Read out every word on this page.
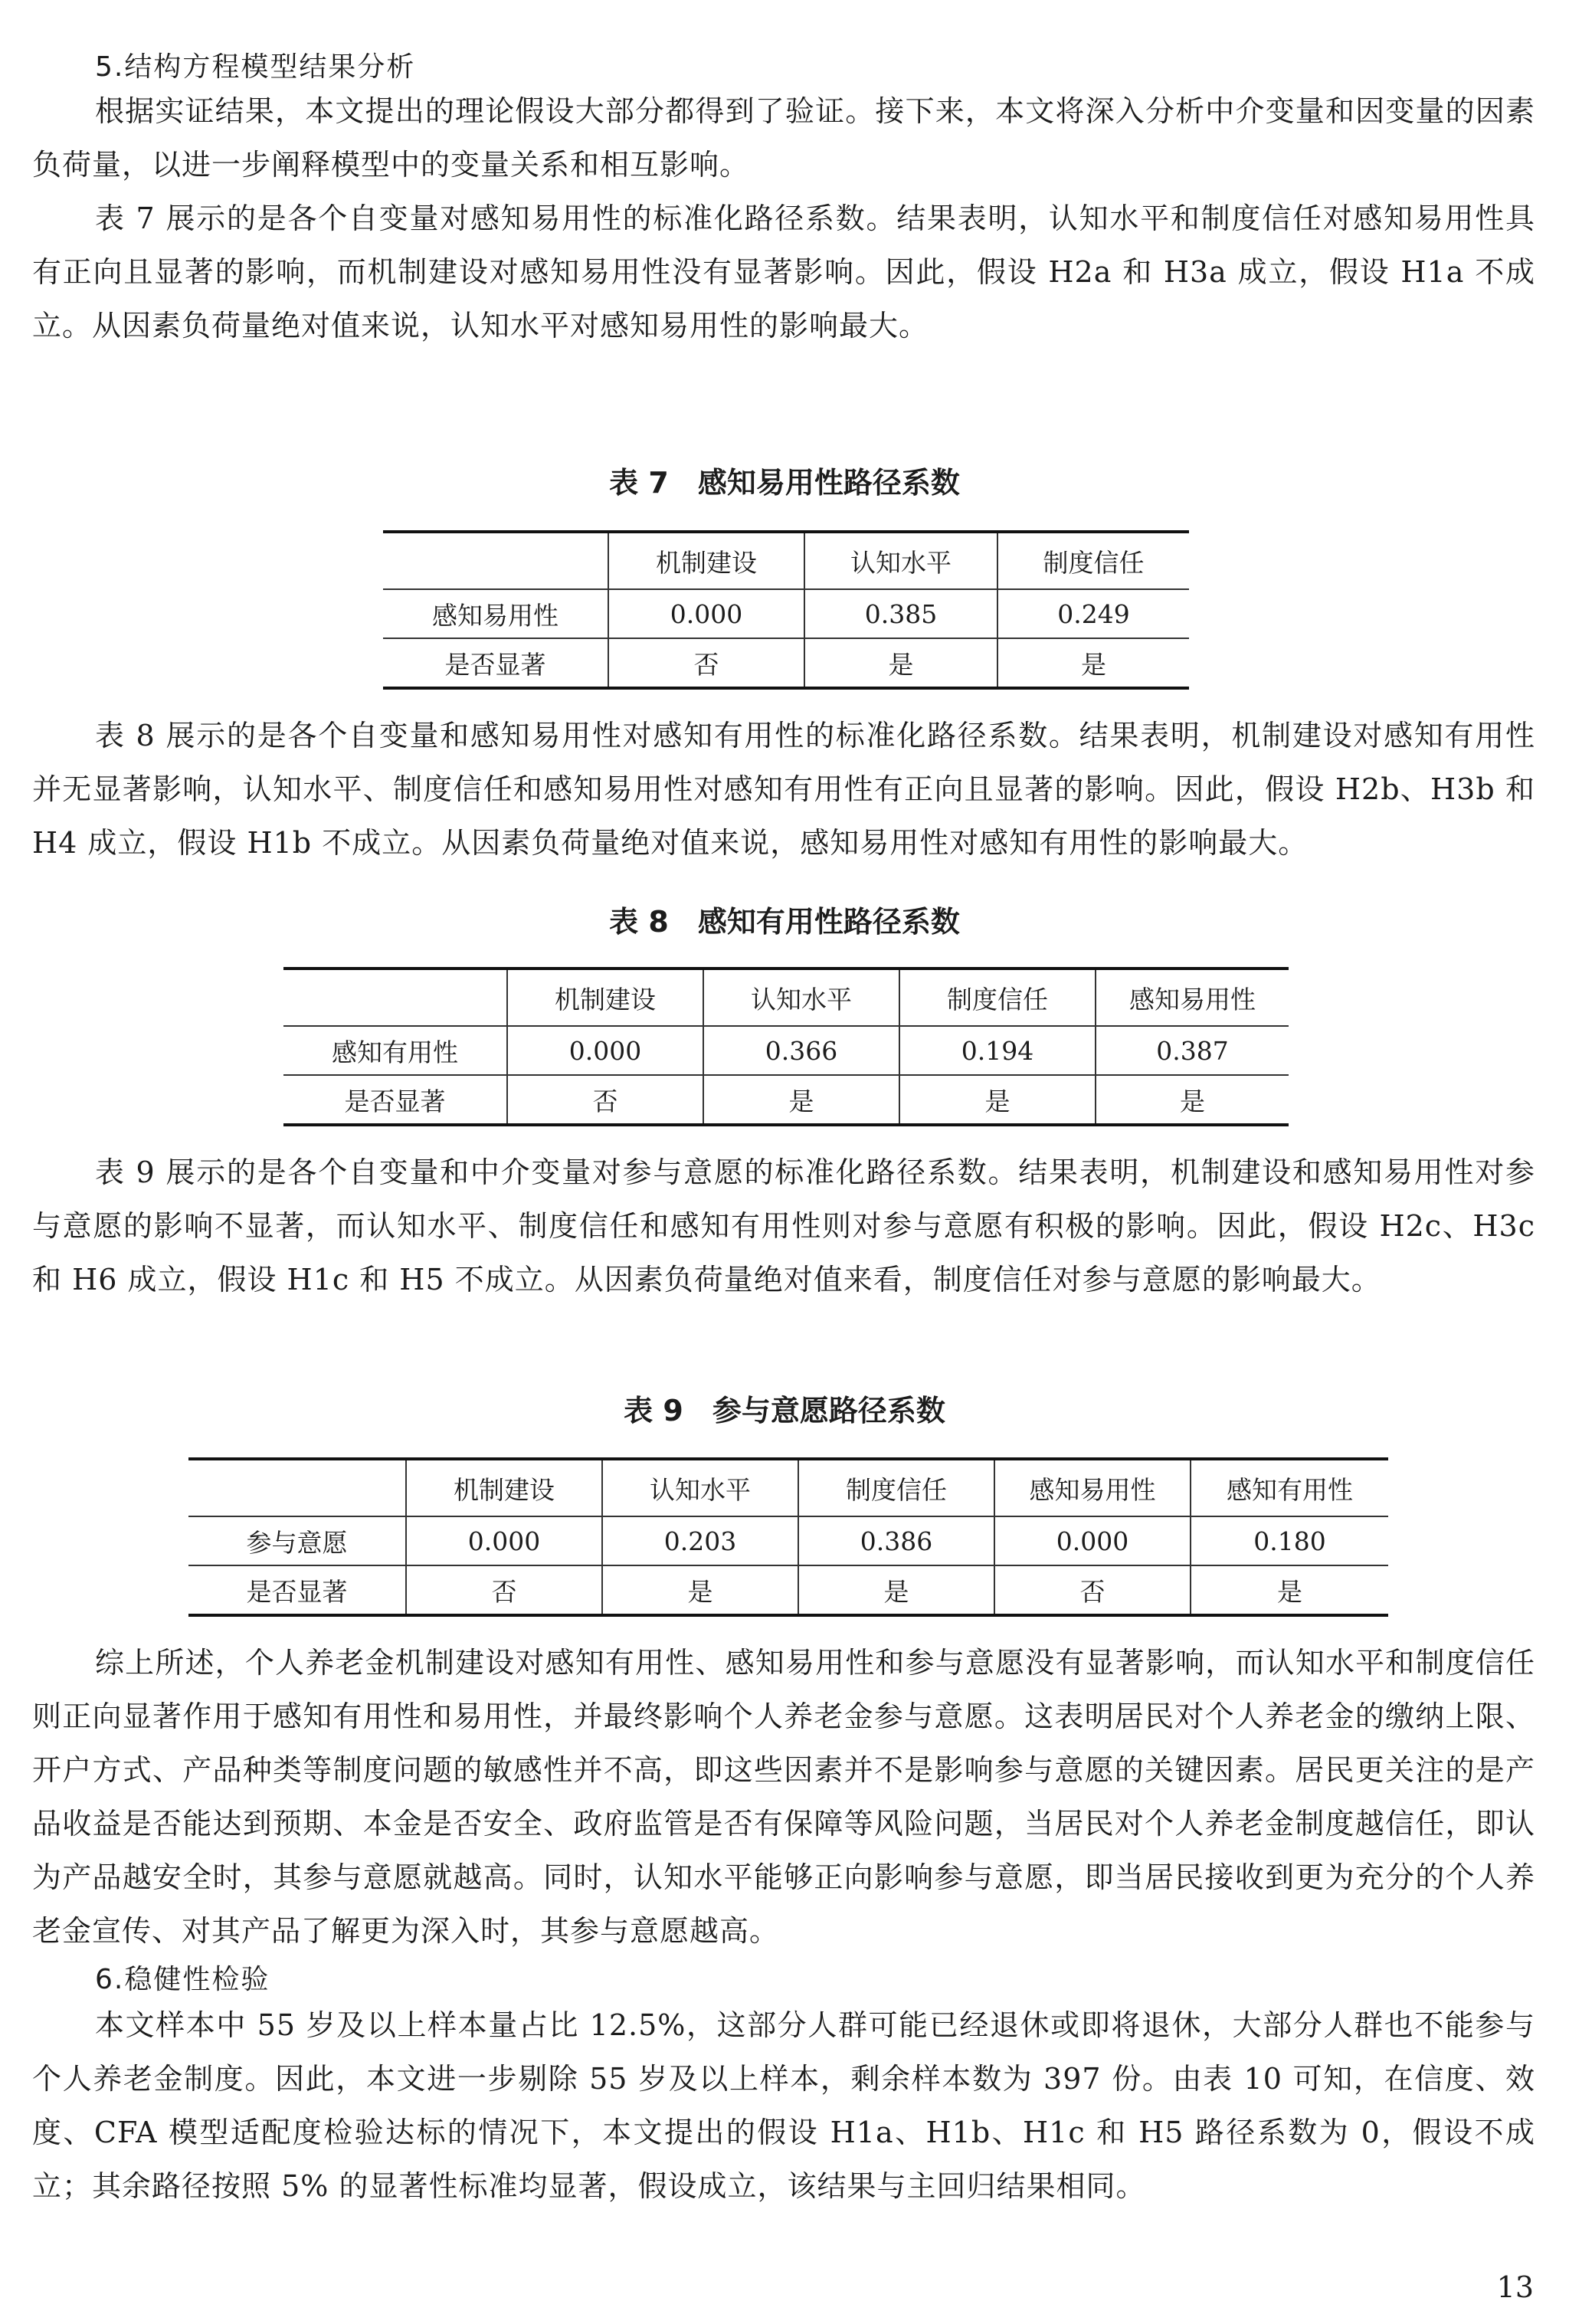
5.结构方程模型结果分析

根据实证结果，本文提出的理论假设大部分都得到了验证。接下来，本文将深入分析中介变量和因变量的因素负荷量，以进一步阐释模型中的变量关系和相互影响。

表 7 展示的是各个自变量对感知易用性的标准化路径系数。结果表明，认知水平和制度信任对感知易用性具有正向且显著的影响，而机制建设对感知易用性没有显著影响。因此，假设 H2a 和 H3a 成立，假设 H1a 不成立。从因素负荷量绝对值来说，认知水平对感知易用性的影响最大。

表 7　感知易用性路径系数
	机制建设	认知水平	制度信任
感知易用性	0.000	0.385	0.249
是否显著	否	是	是

表 8 展示的是各个自变量和感知易用性对感知有用性的标准化路径系数。结果表明，机制建设对感知有用性并无显著影响，认知水平、制度信任和感知易用性对感知有用性有正向且显著的影响。因此，假设 H2b、H3b 和 H4 成立，假设 H1b 不成立。从因素负荷量绝对值来说，感知易用性对感知有用性的影响最大。

表 8　感知有用性路径系数
	机制建设	认知水平	制度信任	感知易用性
感知有用性	0.000	0.366	0.194	0.387
是否显著	否	是	是	是

表 9 展示的是各个自变量和中介变量对参与意愿的标准化路径系数。结果表明，机制建设和感知易用性对参与意愿的影响不显著，而认知水平、制度信任和感知有用性则对参与意愿有积极的影响。因此，假设 H2c、H3c 和 H6 成立，假设 H1c 和 H5 不成立。从因素负荷量绝对值来看，制度信任对参与意愿的影响最大。

表 9　参与意愿路径系数
	机制建设	认知水平	制度信任	感知易用性	感知有用性
参与意愿	0.000	0.203	0.386	0.000	0.180
是否显著	否	是	是	否	是

综上所述，个人养老金机制建设对感知有用性、感知易用性和参与意愿没有显著影响，而认知水平和制度信任则正向显著作用于感知有用性和易用性，并最终影响个人养老金参与意愿。这表明居民对个人养老金的缴纳上限、开户方式、产品种类等制度问题的敏感性并不高，即这些因素并不是影响参与意愿的关键因素。居民更关注的是产品收益是否能达到预期、本金是否安全、政府监管是否有保障等风险问题，当居民对个人养老金制度越信任，即认为产品越安全时，其参与意愿就越高。同时，认知水平能够正向影响参与意愿，即当居民接收到更为充分的个人养老金宣传、对其产品了解更为深入时，其参与意愿越高。

6.稳健性检验

本文样本中 55 岁及以上样本量占比 12.5%，这部分人群可能已经退休或即将退休，大部分人群也不能参与个人养老金制度。因此，本文进一步剔除 55 岁及以上样本，剩余样本数为 397 份。由表 10 可知，在信度、效度、CFA 模型适配度检验达标的情况下，本文提出的假设 H1a、H1b、H1c 和 H5 路径系数为 0，假设不成立；其余路径按照 5% 的显著性标准均显著，假设成立，该结果与主回归结果相同。

13
